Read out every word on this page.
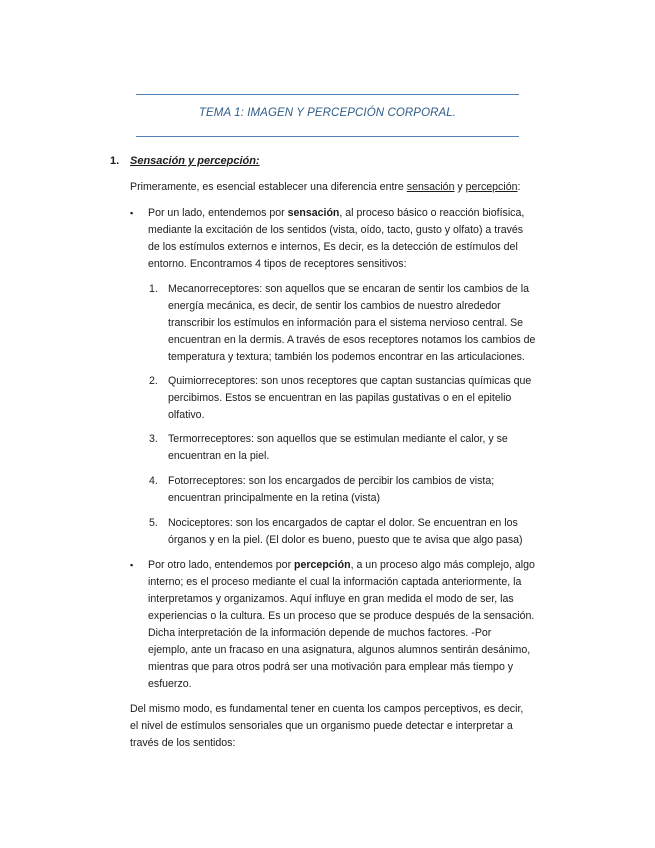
TEMA 1: IMAGEN Y PERCEPCIÓN CORPORAL.
1. Sensación y percepción:
Primeramente, es esencial establecer una diferencia entre sensación y percepción:
▪ Por un lado, entendemos por sensación, al proceso básico o reacción biofísica,
mediante la excitación de los sentidos (vista, oído, tacto, gusto y olfato) a través
de los estímulos externos e internos, Es decir, es la detección de estímulos del
entorno. Encontramos 4 tipos de receptores sensitivos:
1. Mecanorreceptores: son aquellos que se encaran de sentir los cambios de la
energía mecánica, es decir, de sentir los cambios de nuestro alrededor
transcribir los estímulos en información para el sistema nervioso central. Se
encuentran en la dermis. A través de esos receptores notamos los cambios de
temperatura y textura; también los podemos encontrar en las articulaciones.
2. Quimiorreceptores: son unos receptores que captan sustancias químicas que
percibimos. Estos se encuentran en las papilas gustativas o en el epitelio
olfativo.
3. Termorreceptores: son aquellos que se estimulan mediante el calor, y se
encuentran en la piel.
4. Fotorreceptores: son los encargados de percibir los cambios de vista;
encuentran principalmente en la retina (vista)
5. Nociceptores: son los encargados de captar el dolor. Se encuentran en los
órganos y en la piel. (El dolor es bueno, puesto que te avisa que algo pasa)
▪ Por otro lado, entendemos por percepción, a un proceso algo más complejo, algo
interno; es el proceso mediante el cual la información captada anteriormente, la
interpretamos y organizamos. Aquí influye en gran medida el modo de ser, las
experiencias o la cultura. Es un proceso que se produce después de la sensación.
Dicha interpretación de la información depende de muchos factores. -Por
ejemplo, ante un fracaso en una asignatura, algunos alumnos sentirán desánimo,
mientras que para otros podrá ser una motivación para emplear más tiempo y
esfuerzo.
Del mismo modo, es fundamental tener en cuenta los campos perceptivos, es decir,
el nivel de estímulos sensoriales que un organismo puede detectar e interpretar a
través de los sentidos:
